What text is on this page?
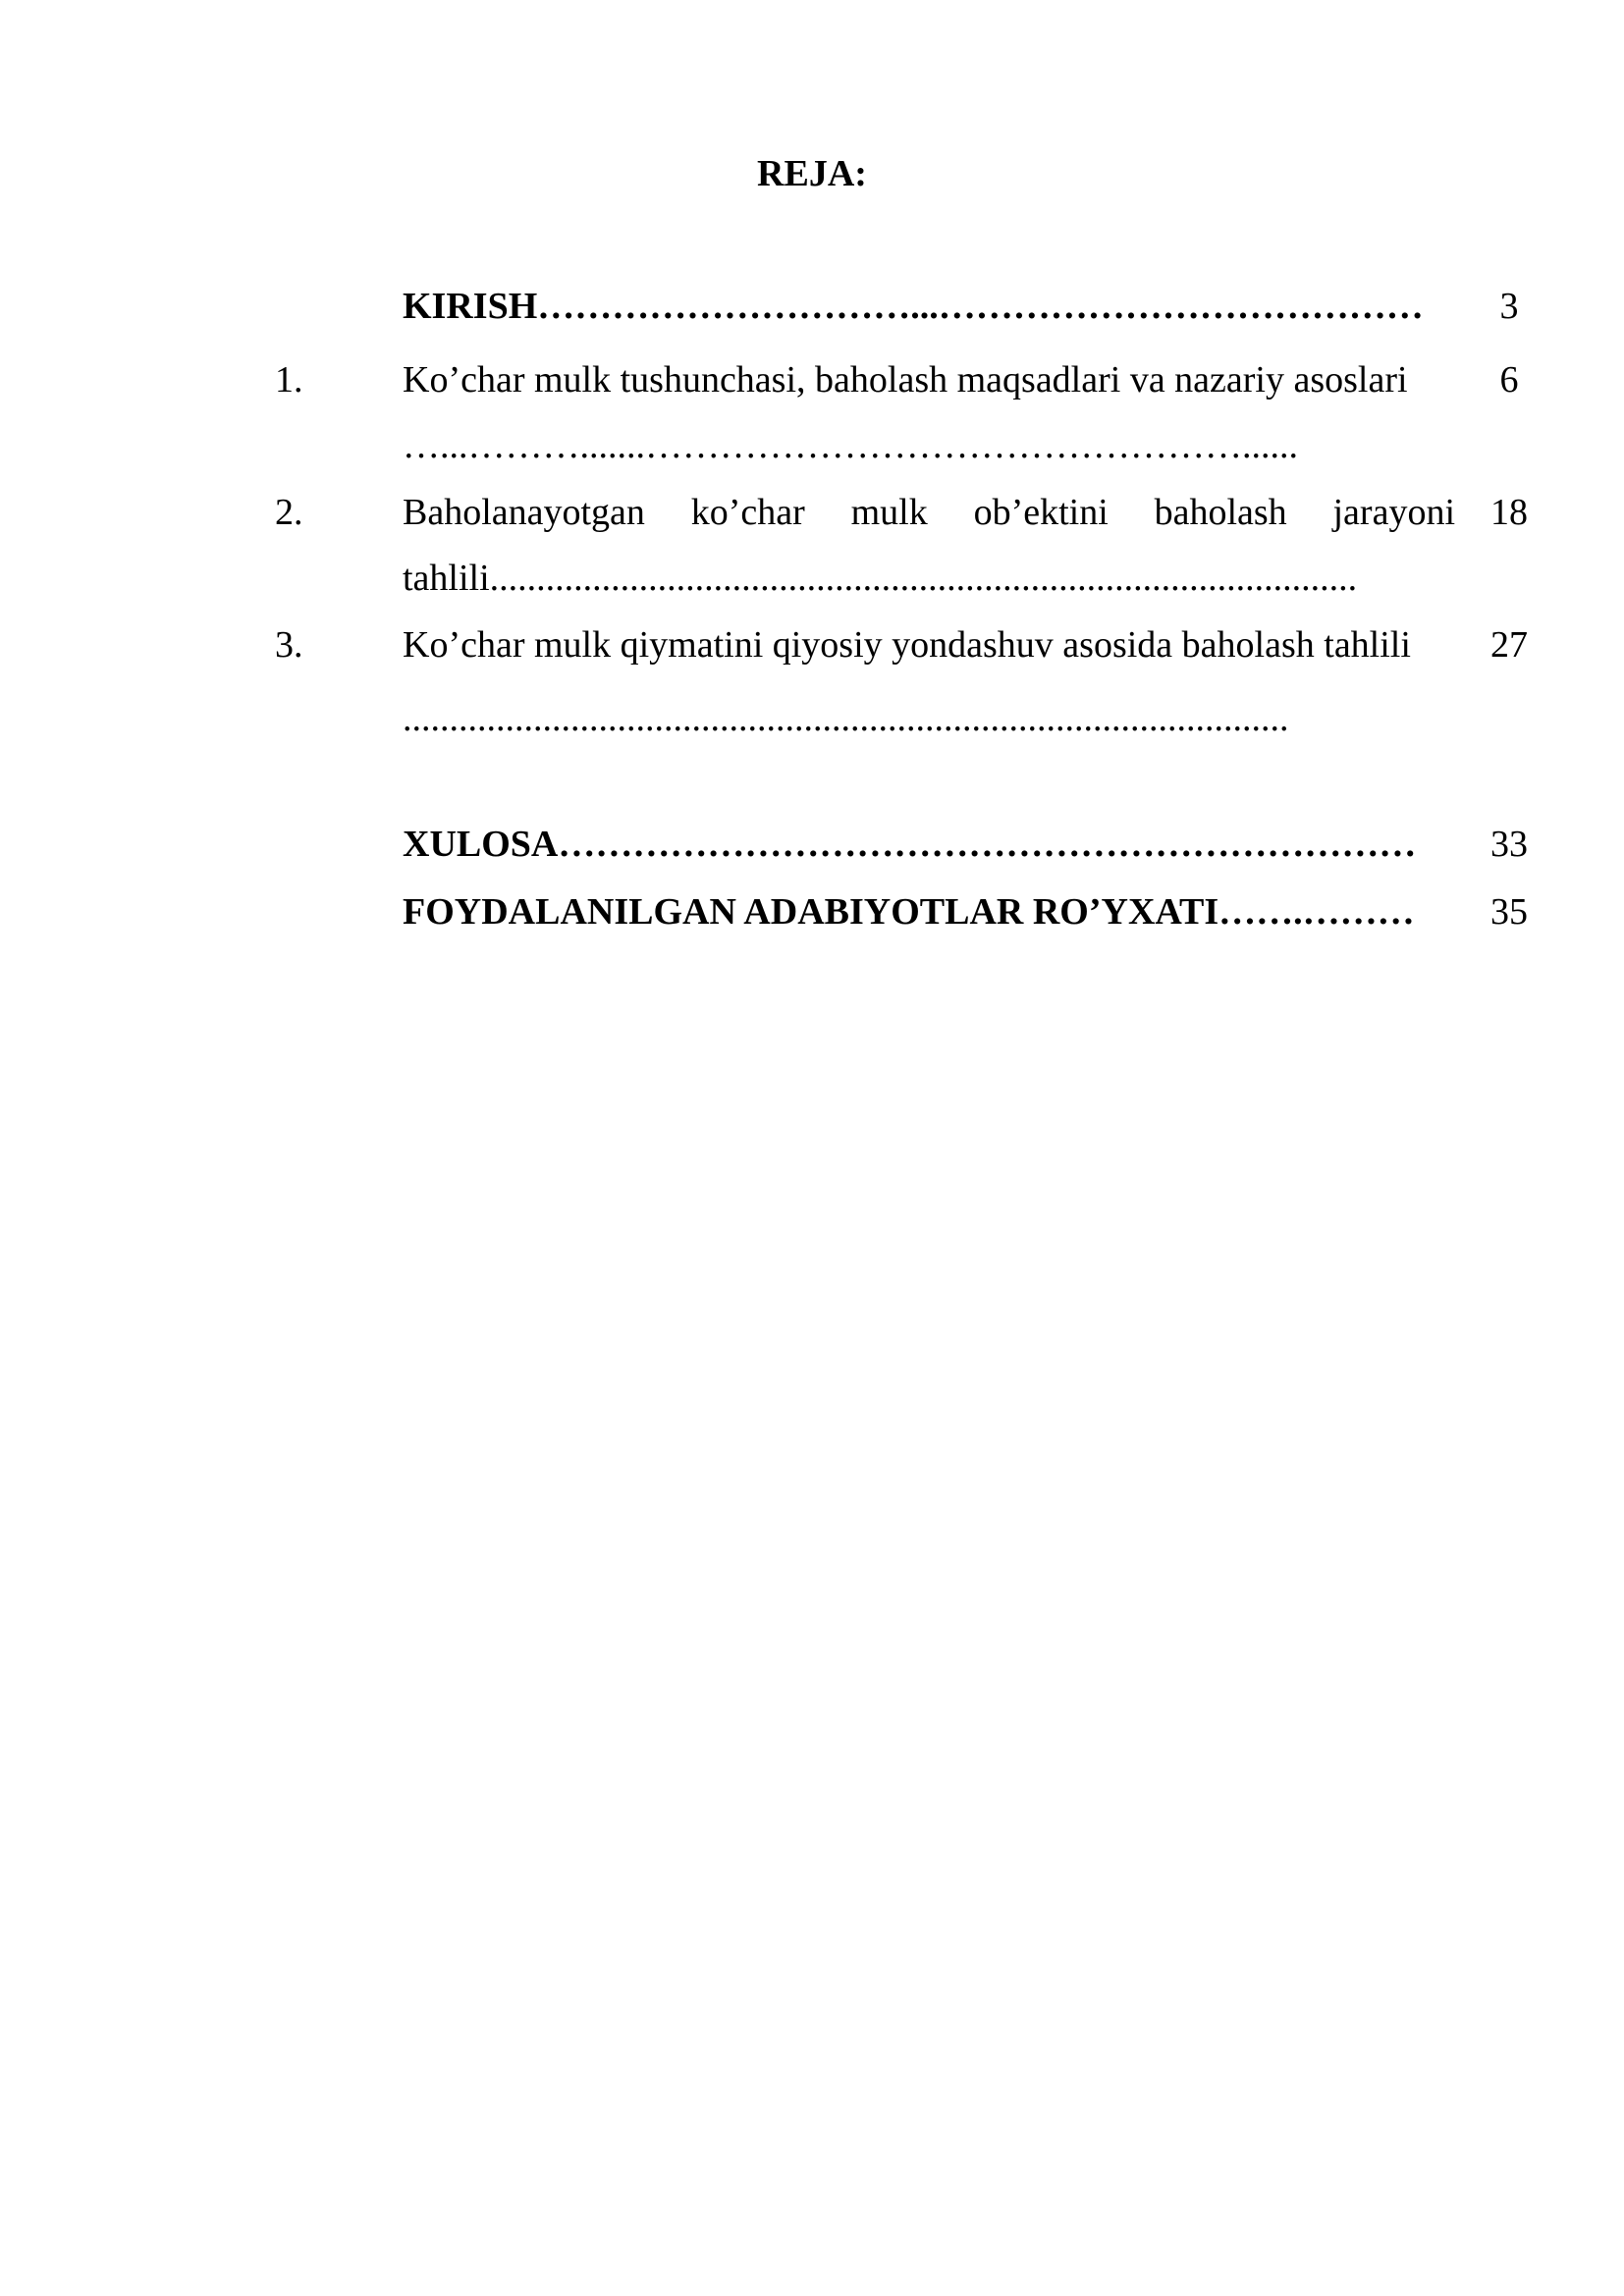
REJA:
KIRISH…………………………...…………………………………	3
1.	Ko’char mulk tushunchasi, baholash maqsadlari va nazariy asoslari	6
…...……….......…………………………………………......
2.	Baholanayotgan ko’char mulk ob’ektini baholash jarayoni 18
tahlili.............................................................................................
3.	Ko’char mulk qiymatini qiyosiy yondashuv asosida baholash tahlili	27
...............................................................................................
XULOSA……………………………………………………………	33
FOYDALANILGAN ADABIYOTLAR RO’YXATI…….………	35
